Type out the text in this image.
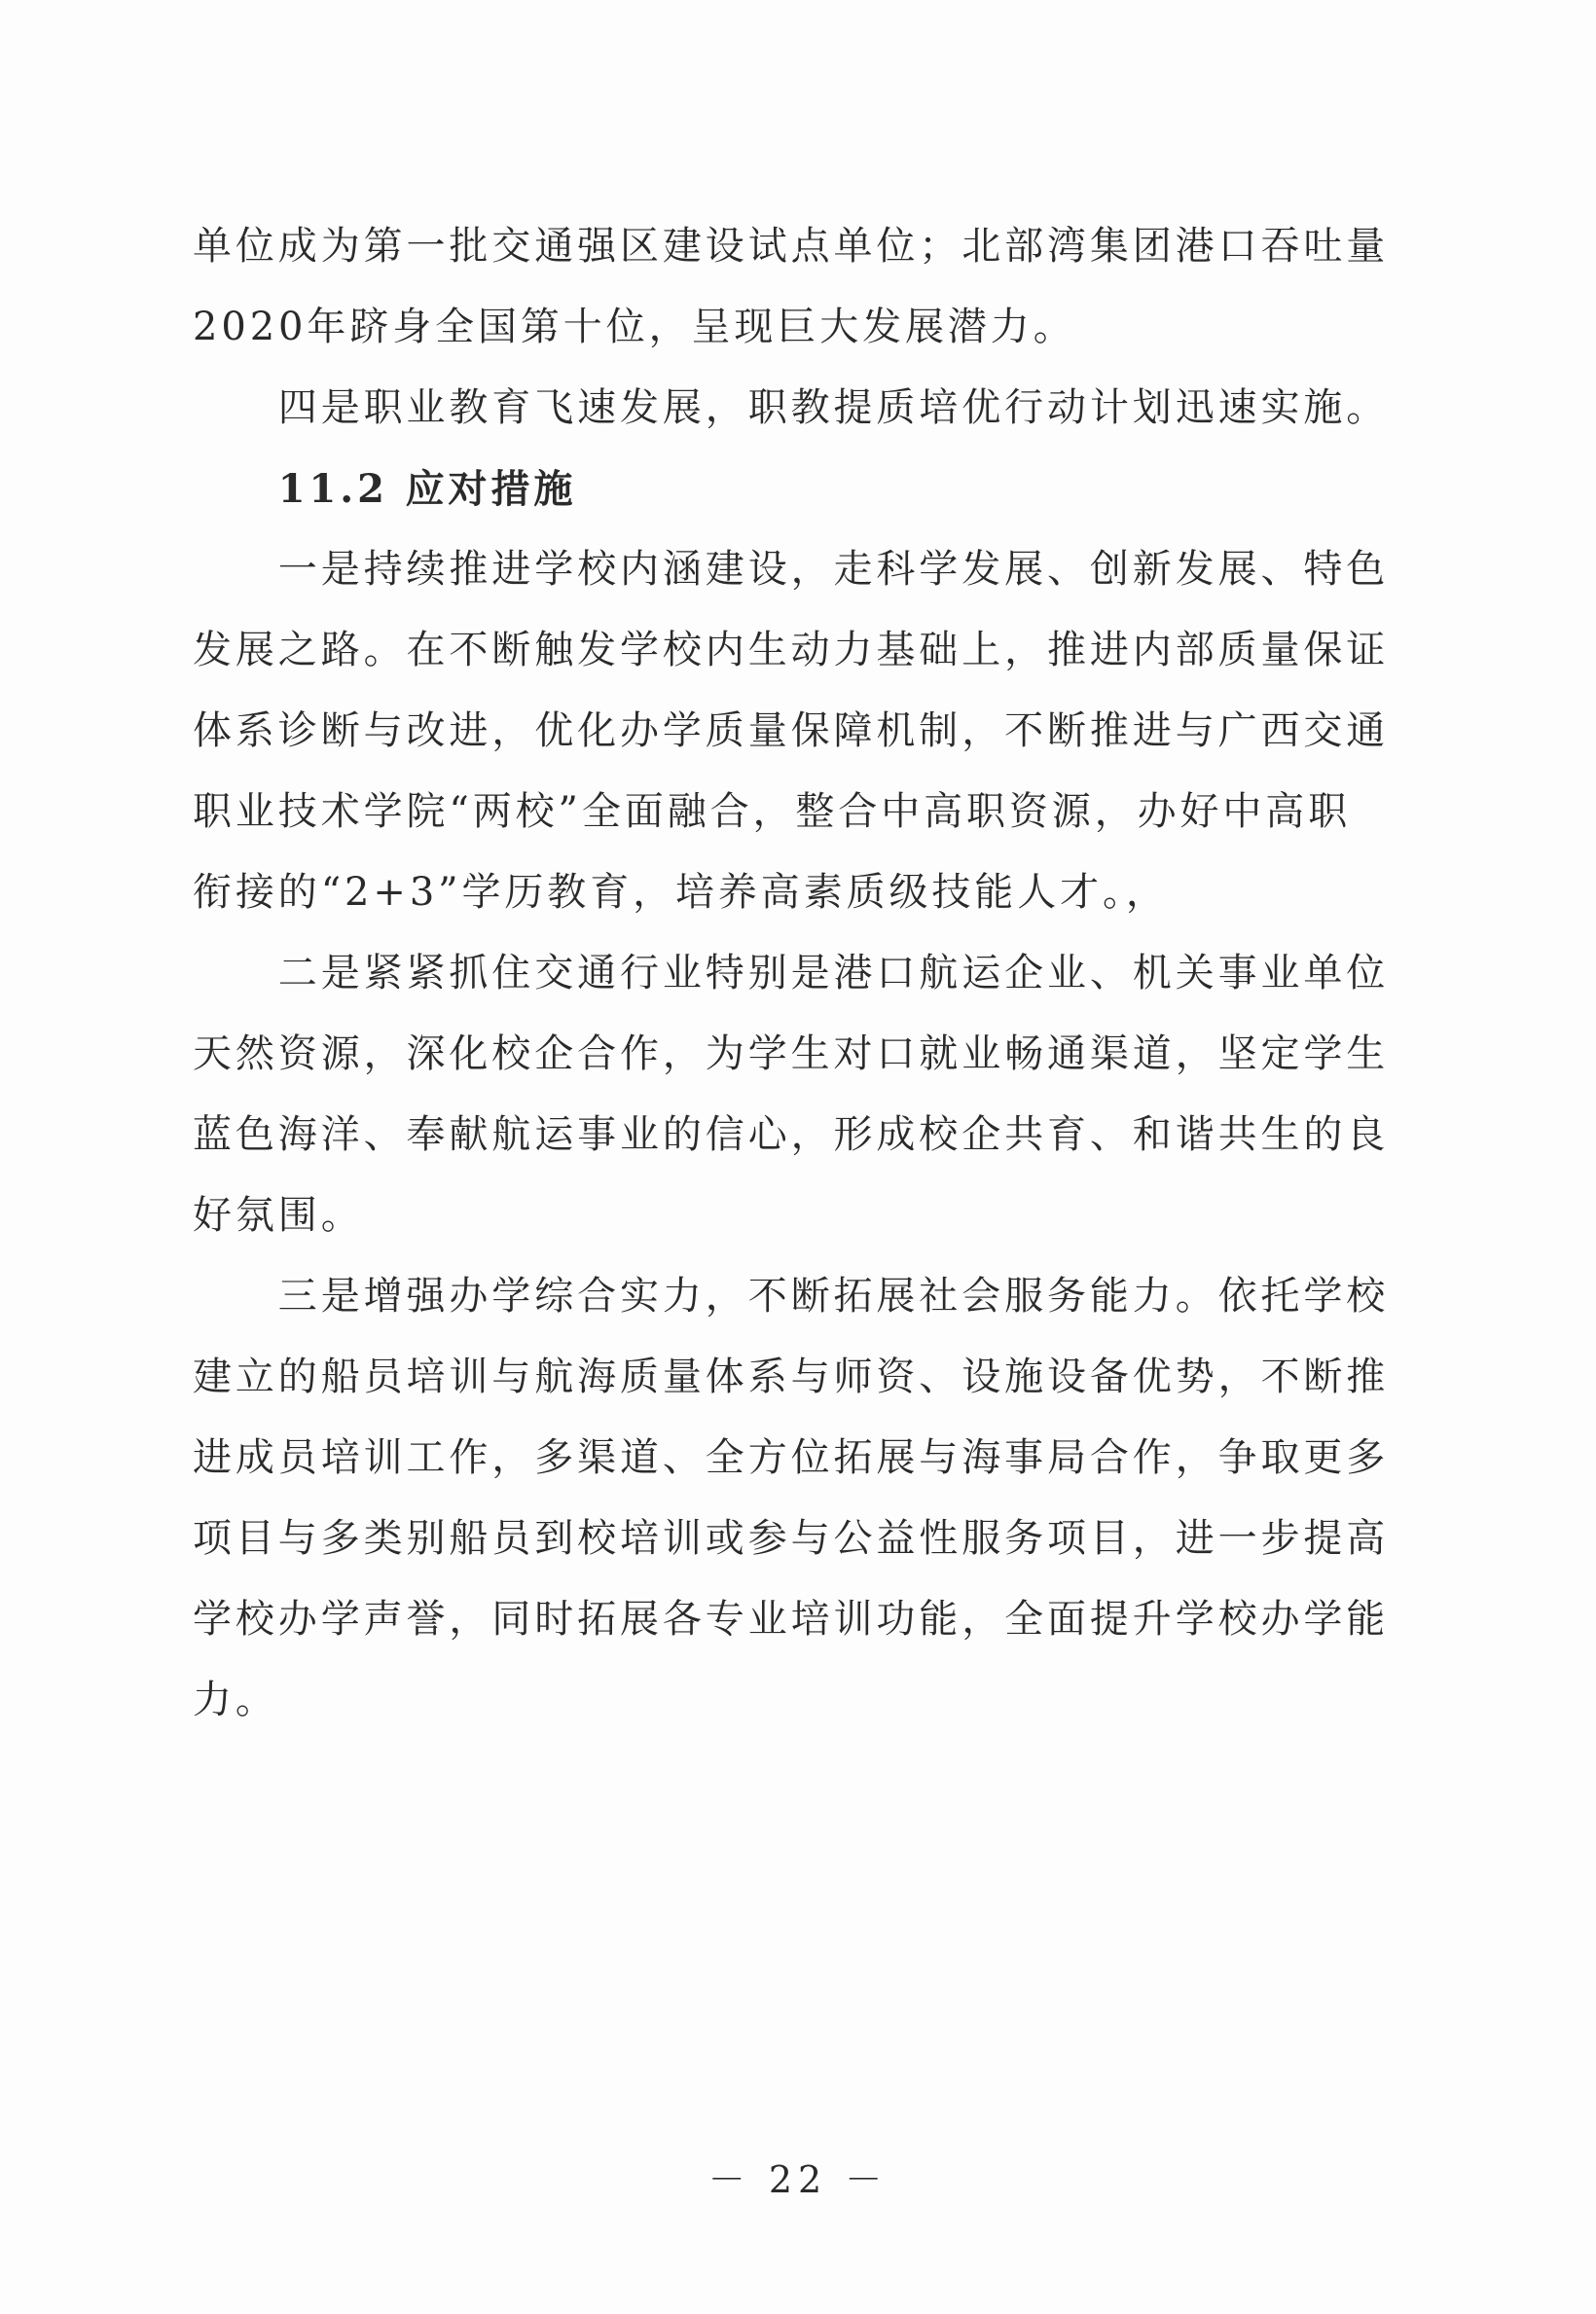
单位成为第一批交通强区建设试点单位；北部湾集团港口吞吐量
2020年跻身全国第十位，呈现巨大发展潜力。
　　四是职业教育飞速发展，职教提质培优行动计划迅速实施。
　　11.2 应对措施
　　一是持续推进学校内涵建设，走科学发展、创新发展、特色
发展之路。在不断触发学校内生动力基础上，推进内部质量保证
体系诊断与改进，优化办学质量保障机制，不断推进与广西交通
职业技术学院“两校”全面融合，整合中高职资源，办好中高职
衔接的“2+3”学历教育，培养高素质级技能人才。，
　　二是紧紧抓住交通行业特别是港口航运企业、机关事业单位
天然资源，深化校企合作，为学生对口就业畅通渠道，坚定学生
蓝色海洋、奉献航运事业的信心，形成校企共育、和谐共生的良
好氛围。
　　三是增强办学综合实力，不断拓展社会服务能力。依托学校
建立的船员培训与航海质量体系与师资、设施设备优势，不断推
进成员培训工作，多渠道、全方位拓展与海事局合作，争取更多
项目与多类别船员到校培训或参与公益性服务项目，进一步提高
学校办学声誉，同时拓展各专业培训功能，全面提升学校办学能
力。
－ 22 －
